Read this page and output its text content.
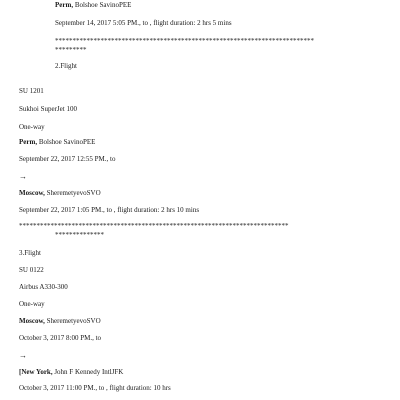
Perm, Bolshoe SavinoPEE
September 14, 2017 5:05 PM., to , flight duration: 2 hrs 5 mins
**************************************************************************
*********
2.Flight
SU 1201
Sukhoi SuperJet 100
One-way
Perm, Bolshoe SavinoPEE
September 22, 2017 12:55 PM., to
→
Moscow, SheremetyevoSVO
September 22, 2017 1:05 PM., to , flight duration: 2 hrs 10 mins
*****************************************************************************
**************
3.Flight
SU 0122
Airbus A330-300
One-way
Moscow, SheremetyevoSVO
October 3, 2017 8:00 PM., to
→
[New York, John F Kennedy IntlJFK
October 3, 2017 11:00 PM., to , flight duration: 10 hrs
